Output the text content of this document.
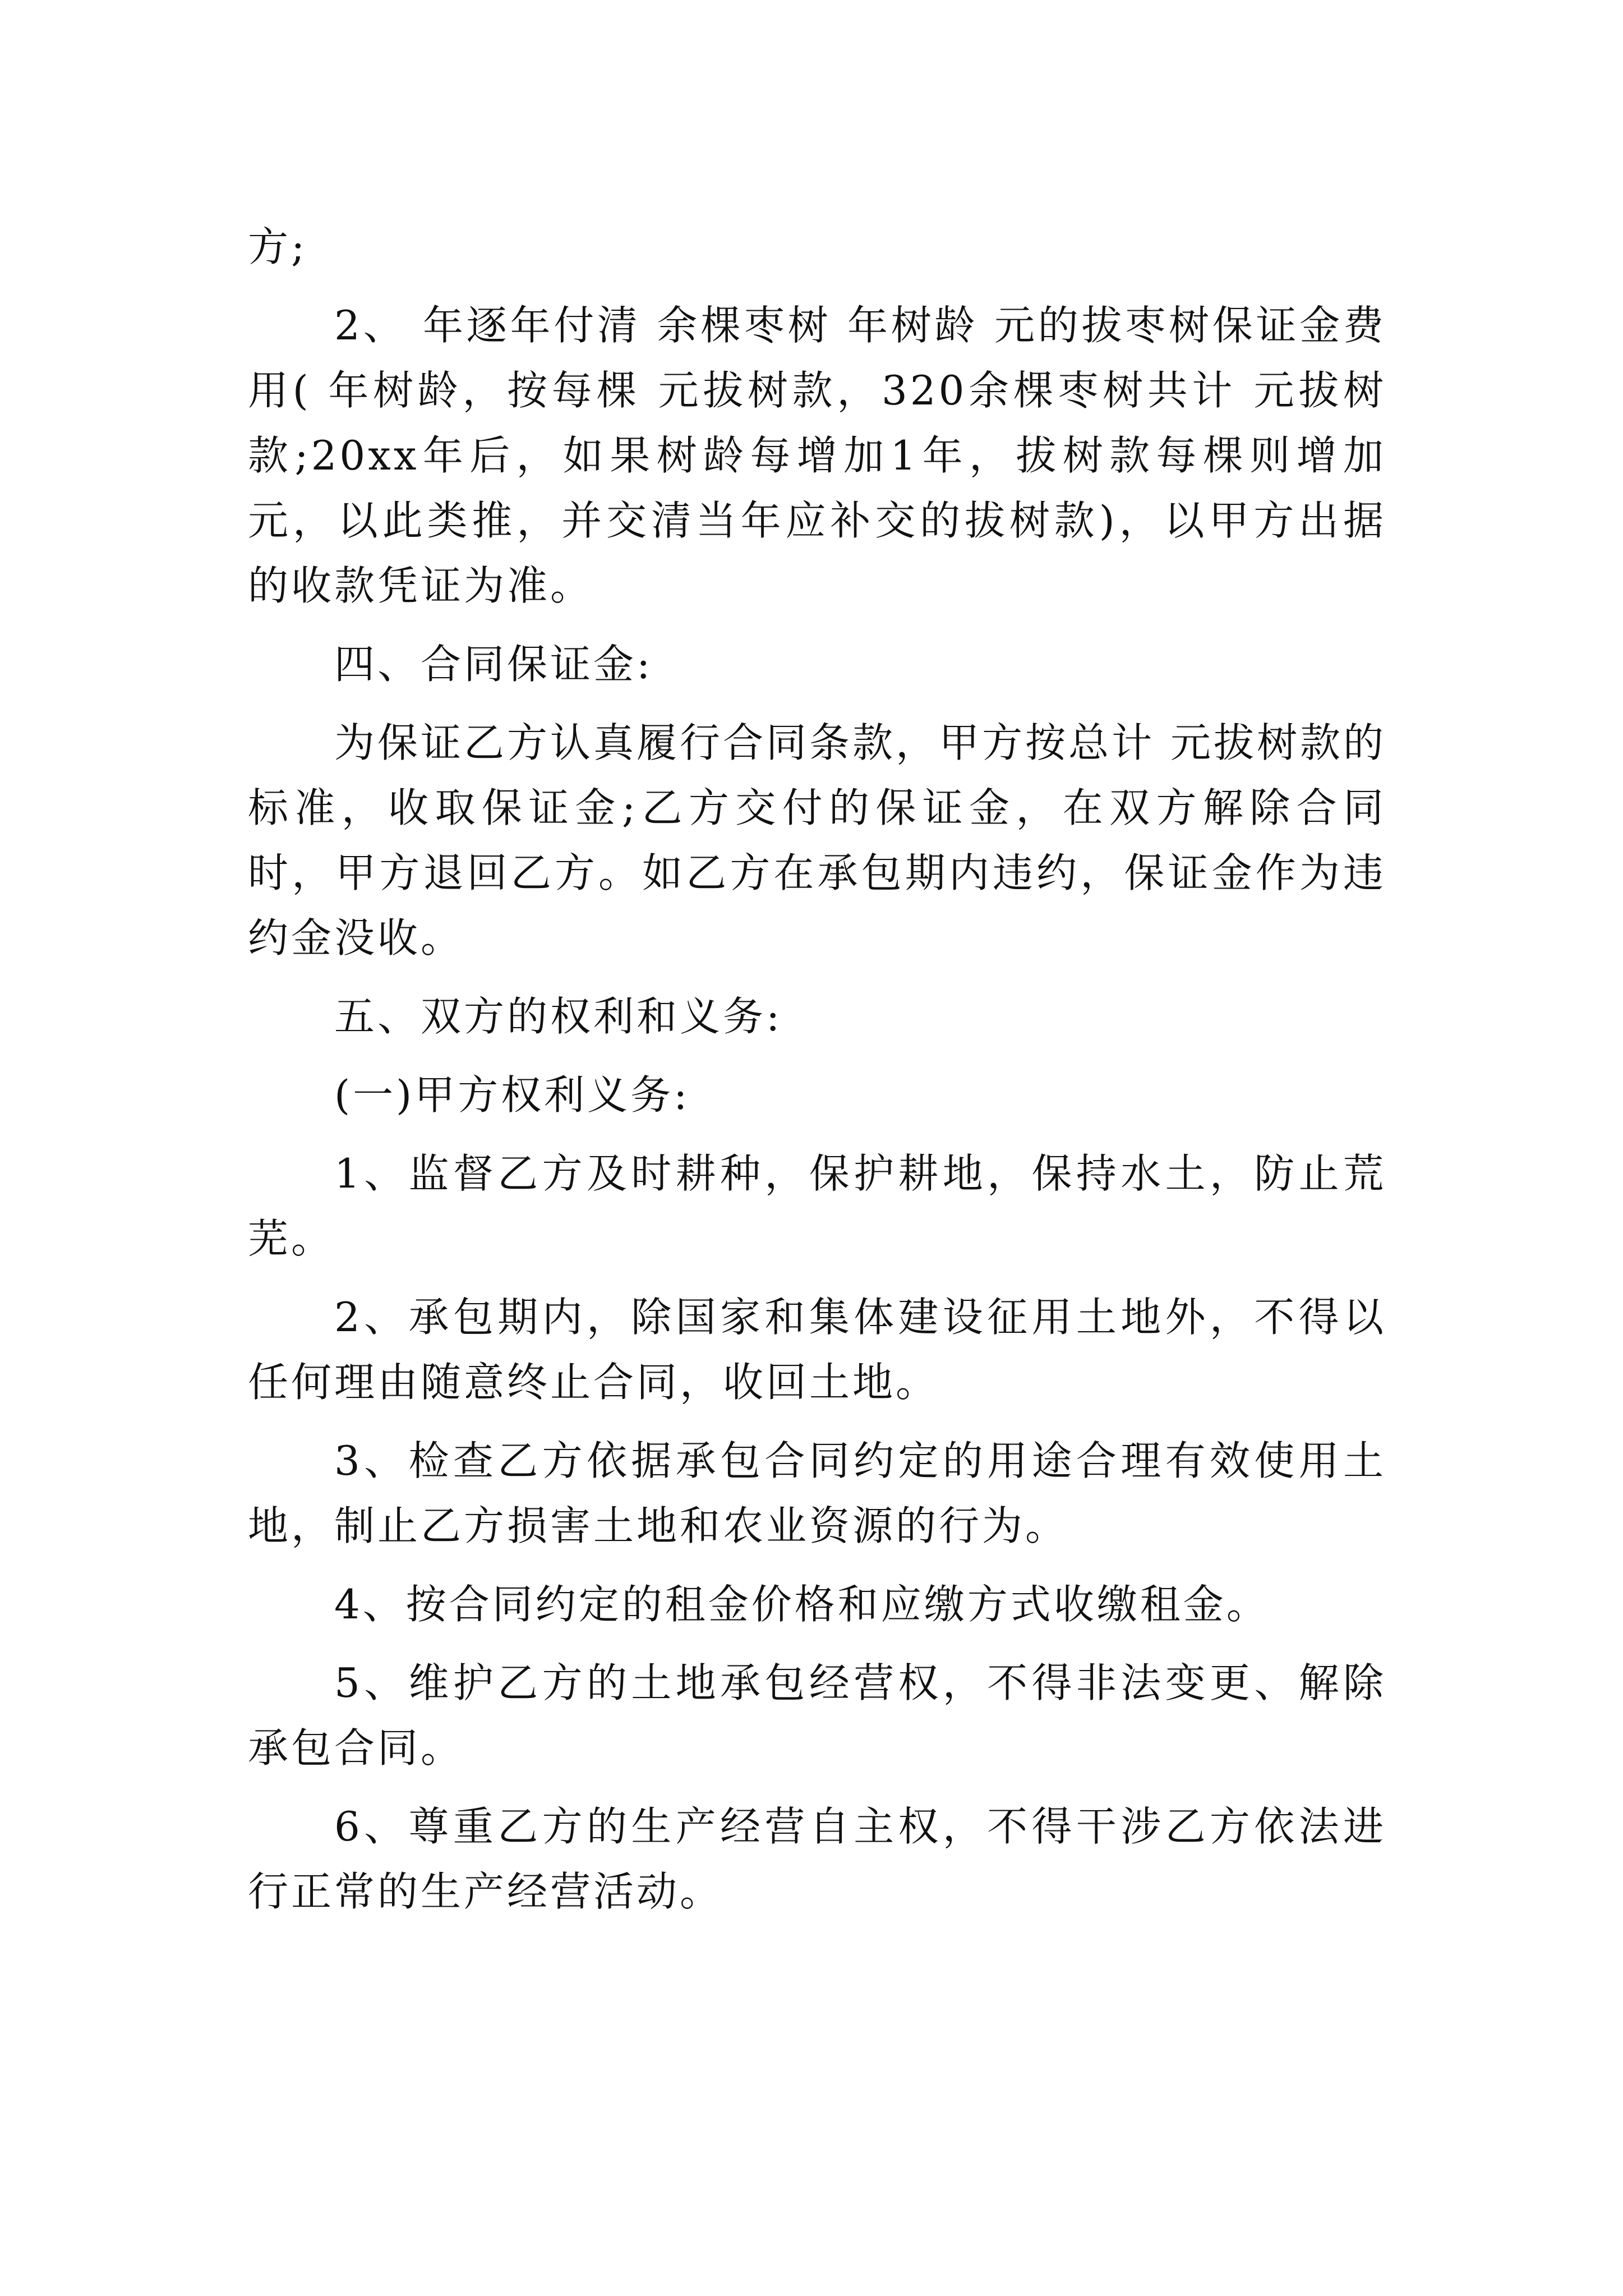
方;

2、 年逐年付清 余棵枣树 年树龄 元的拔枣树保证金费用( 年树龄，按每棵 元拔树款，320余棵枣树共计 元拔树款;20xx年后，如果树龄每增加1年，拔树款每棵则增加 元，以此类推，并交清当年应补交的拔树款)，以甲方出据的收款凭证为准。

四、合同保证金:

为保证乙方认真履行合同条款，甲方按总计 元拔树款的标准，收取保证金;乙方交付的保证金，在双方解除合同时，甲方退回乙方。如乙方在承包期内违约，保证金作为违约金没收。

五、双方的权利和义务:

(一)甲方权利义务:

1、监督乙方及时耕种，保护耕地，保持水土，防止荒芜。

2、承包期内，除国家和集体建设征用土地外，不得以任何理由随意终止合同，收回土地。

3、检查乙方依据承包合同约定的用途合理有效使用土地，制止乙方损害土地和农业资源的行为。

4、按合同约定的租金价格和应缴方式收缴租金。

5、维护乙方的土地承包经营权，不得非法变更、解除承包合同。

6、尊重乙方的生产经营自主权，不得干涉乙方依法进行正常的生产经营活动。
